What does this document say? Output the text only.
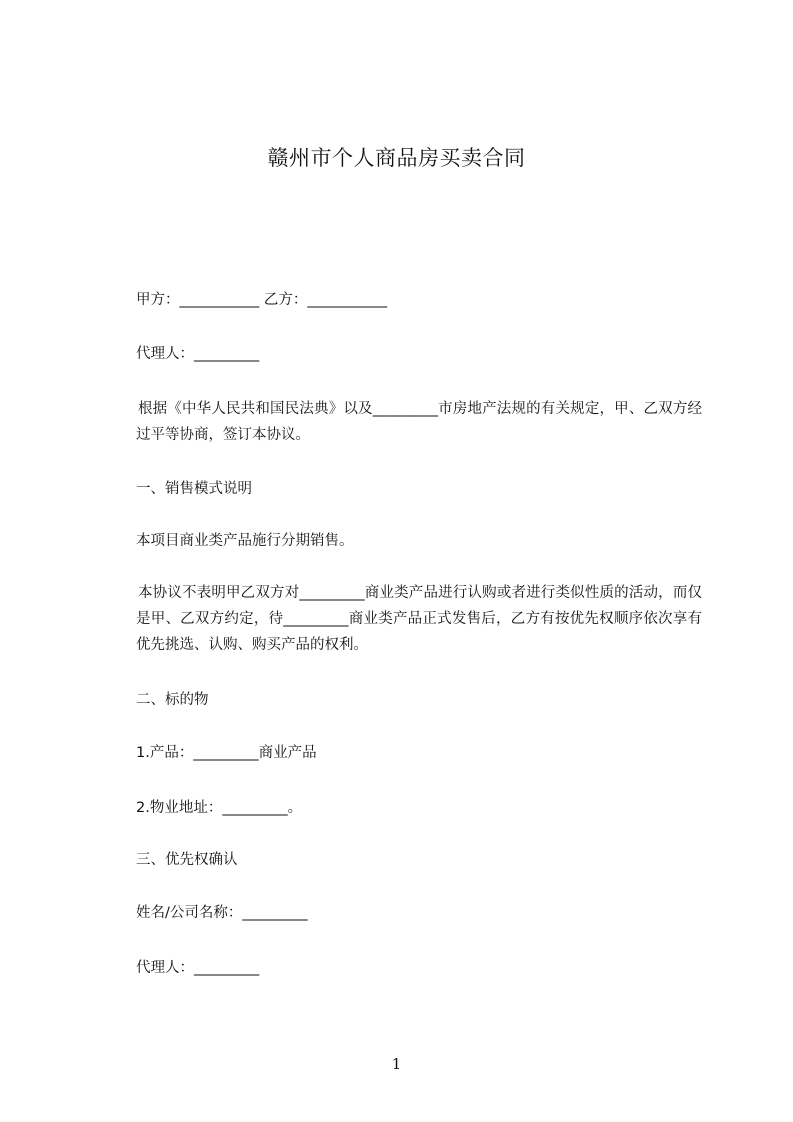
赣州市个人商品房买卖合同
甲方：___________ 乙方：___________
代理人：_________
根据《中华人民共和国民法典》以及_________市房地产法规的有关规定，甲、乙双方经过平等协商，签订本协议。
一、销售模式说明
本项目商业类产品施行分期销售。
本协议不表明甲乙双方对_________商业类产品进行认购或者进行类似性质的活动，而仅是甲、乙双方约定，待_________商业类产品正式发售后，乙方有按优先权顺序依次享有优先挑选、认购、购买产品的权利。
二、标的物
1.产品：_________商业产品
2.物业地址：_________。
三、优先权确认
姓名/公司名称：_________
代理人：_________
1
